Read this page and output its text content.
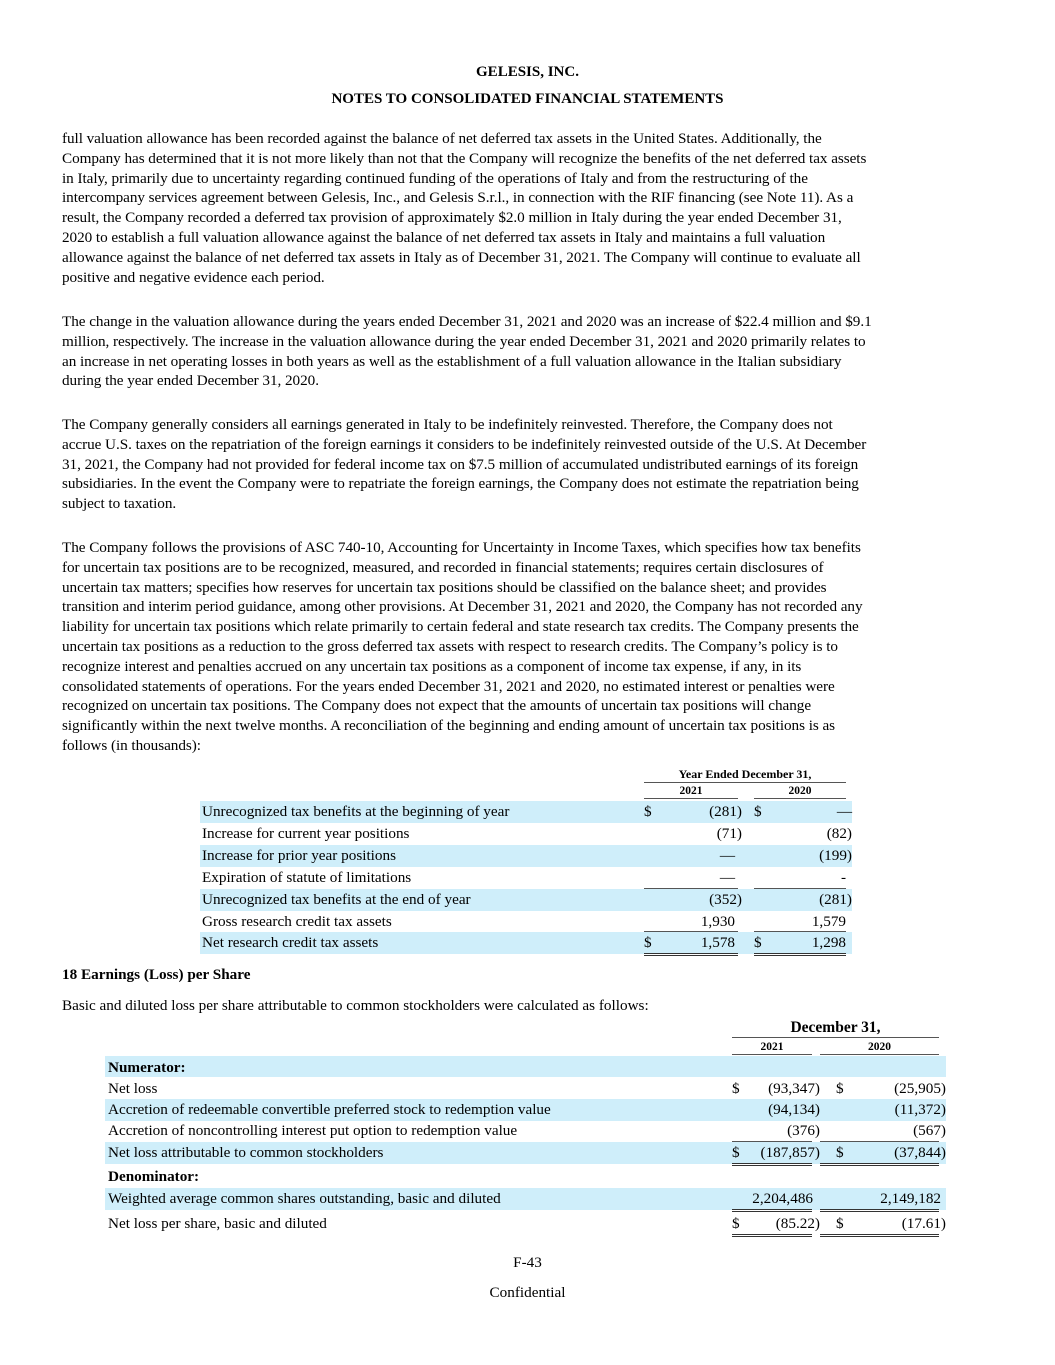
GELESIS, INC.
NOTES TO CONSOLIDATED FINANCIAL STATEMENTS
full valuation allowance has been recorded against the balance of net deferred tax assets in the United States. Additionally, the
Company has determined that it is not more likely than not that the Company will recognize the benefits of the net deferred tax assets
in Italy, primarily due to uncertainty regarding continued funding of the operations of Italy and from the restructuring of the
intercompany services agreement between Gelesis, Inc., and Gelesis S.r.l., in connection with the RIF financing (see Note 11). As a
result, the Company recorded a deferred tax provision of approximately $2.0 million in Italy during the year ended December 31,
2020 to establish a full valuation allowance against the balance of net deferred tax assets in Italy and maintains a full valuation
allowance against the balance of net deferred tax assets in Italy as of December 31, 2021. The Company will continue to evaluate all
positive and negative evidence each period.
The change in the valuation allowance during the years ended December 31, 2021 and 2020 was an increase of $22.4 million and $9.1
million, respectively. The increase in the valuation allowance during the year ended December 31, 2021 and 2020 primarily relates to
an increase in net operating losses in both years as well as the establishment of a full valuation allowance in the Italian subsidiary
during the year ended December 31, 2020.
The Company generally considers all earnings generated in Italy to be indefinitely reinvested. Therefore, the Company does not
accrue U.S. taxes on the repatriation of the foreign earnings it considers to be indefinitely reinvested outside of the U.S. At December
31, 2021, the Company had not provided for federal income tax on $7.5 million of accumulated undistributed earnings of its foreign
subsidiaries. In the event the Company were to repatriate the foreign earnings, the Company does not estimate the repatriation being
subject to taxation.
The Company follows the provisions of ASC 740-10, Accounting for Uncertainty in Income Taxes, which specifies how tax benefits
for uncertain tax positions are to be recognized, measured, and recorded in financial statements; requires certain disclosures of
uncertain tax matters; specifies how reserves for uncertain tax positions should be classified on the balance sheet; and provides
transition and interim period guidance, among other provisions. At December 31, 2021 and 2020, the Company has not recorded any
liability for uncertain tax positions which relate primarily to certain federal and state research tax credits. The Company presents the
uncertain tax positions as a reduction to the gross deferred tax assets with respect to research credits. The Company’s policy is to
recognize interest and penalties accrued on any uncertain tax positions as a component of income tax expense, if any, in its
consolidated statements of operations. For the years ended December 31, 2021 and 2020, no estimated interest or penalties were
recognized on uncertain tax positions. The Company does not expect that the amounts of uncertain tax positions will change
significantly within the next twelve months. A reconciliation of the beginning and ending amount of uncertain tax positions is as
follows (in thousands):
Year Ended December 31,
2021	2020
Unrecognized tax benefits at the beginning of year	$	(281) $	—
Increase for current year positions	(71)	(82)
Increase for prior year positions	—	(199)
Expiration of statute of limitations	—	-
Unrecognized tax benefits at the end of year	(352)	(281)
Gross research credit tax assets	1,930	1,579
Net research credit tax assets	$	1,578 $	1,298
18 Earnings (Loss) per Share
Basic and diluted loss per share attributable to common stockholders were calculated as follows:
December 31,
2021	2020
Numerator:
Net loss	$	(93,347) $	(25,905)
Accretion of redeemable convertible preferred stock to redemption value	(94,134)	(11,372)
Accretion of noncontrolling interest put option to redemption value	(376)	(567)
Net loss attributable to common stockholders	$	(187,857) $	(37,844)
Denominator:
Weighted average common shares outstanding, basic and diluted	2,204,486	2,149,182
Net loss per share, basic and diluted	$	(85.22) $	(17.61)
F-43
Confidential
